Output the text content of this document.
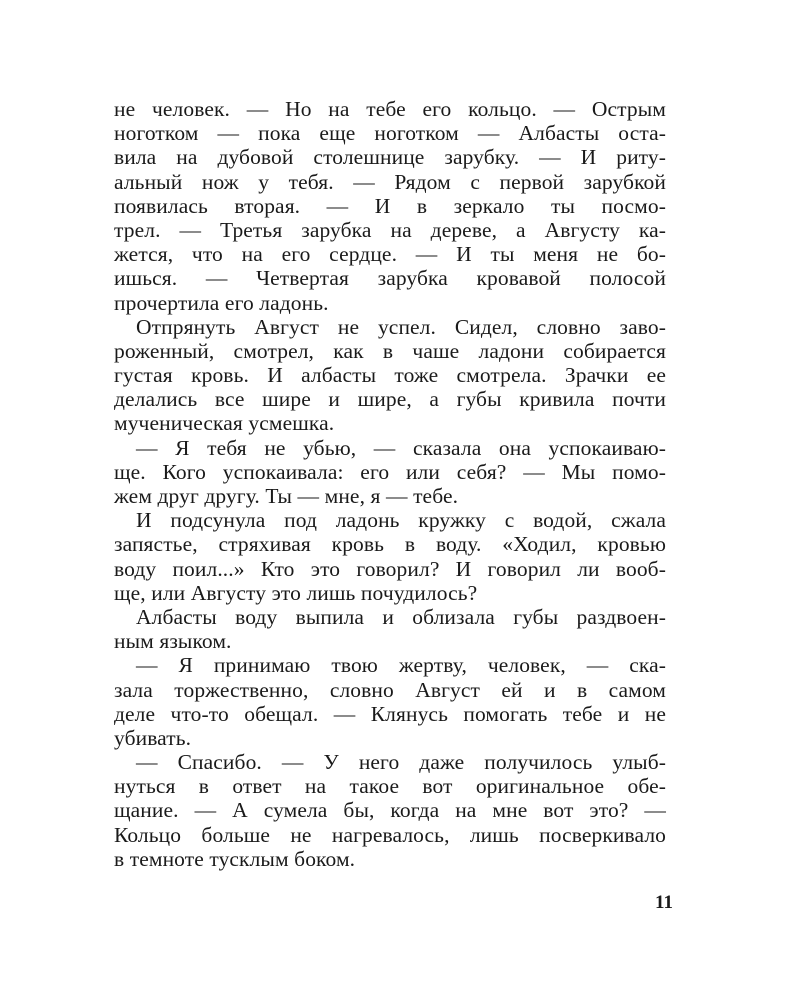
не человек. — Но на тебе его кольцо. — Острым
ноготком — пока еще ноготком — Албасты оста-
вила на дубовой столешнице зарубку. — И риту-
альный нож у тебя. — Рядом с первой зарубкой
появилась вторая. — И в зеркало ты посмо-
трел. — Третья зарубка на дереве, а Августу ка-
жется, что на его сердце. — И ты меня не бо-
ишься. — Четвертая зарубка кровавой полосой
прочертила его ладонь.
Отпрянуть Август не успел. Сидел, словно заво-
роженный, смотрел, как в чаше ладони собирается
густая кровь. И албасты тоже смотрела. Зрачки ее
делались все шире и шире, а губы кривила почти
мученическая усмешка.
— Я тебя не убью, — сказала она успокаиваю-
ще. Кого успокаивала: его или себя? — Мы помо-
жем друг другу. Ты — мне, я — тебе.
И подсунула под ладонь кружку с водой, сжала
запястье, стряхивая кровь в воду. «Ходил, кровью
воду поил...» Кто это говорил? И говорил ли вооб-
ще, или Августу это лишь почудилось?
Албасты воду выпила и облизала губы раздвоен-
ным языком.
— Я принимаю твою жертву, человек, — ска-
зала торжественно, словно Август ей и в самом
деле что-то обещал. — Клянусь помогать тебе и не
убивать.
— Спасибо. — У него даже получилось улыб-
нуться в ответ на такое вот оригинальное обе-
щание. — А сумела бы, когда на мне вот это? —
Кольцо больше не нагревалось, лишь посверкивало
в темноте тусклым боком.
11
